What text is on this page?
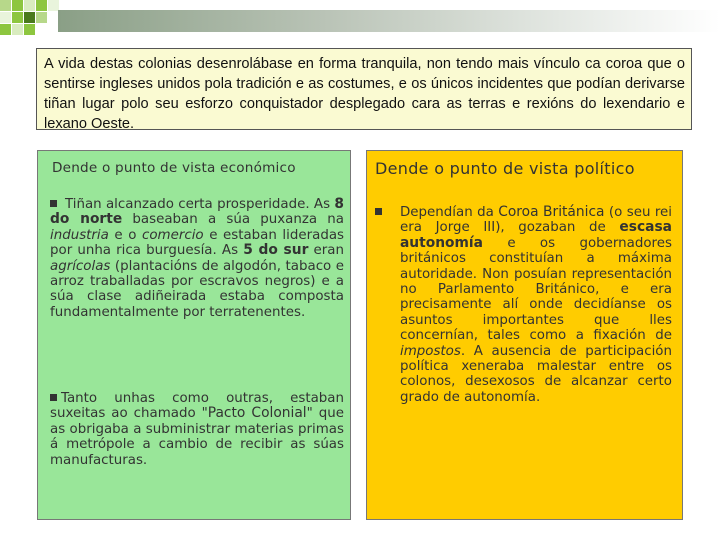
A vida destas colonias desenrolábase en forma tranquila, non tendo mais vínculo ca coroa que o sentirse ingleses unidos pola tradición e as costumes, e os únicos incidentes que podían derivarse tiñan lugar polo seu esforzo conquistador desplegado cara as terras e rexións do lexendario e lexano Oeste.
Dende o punto de vista económico
Tiñan alcanzado certa prosperidade. As 8 do norte baseaban a súa puxanza na industria e o comercio e estaban lideradas por unha rica burguesía. As 5 do sur eran agrícolas (plantacións de algodón, tabaco e arroz traballadas por escravos negros) e a súa clase adiñeirada estaba composta fundamentalmente por terratenentes.
Tanto unhas como outras, estaban suxeitas ao chamado "Pacto Colonial" que as obrigaba a subministrar materias primas á metrópole a cambio de recibir as súas manufacturas.
Dende o punto de vista político
Dependían da Coroa Británica (o seu rei era Jorge III), gozaban de escasa autonomía e os gobernadores británicos constituían a máxima autoridade. Non posuían representación no Parlamento Británico, e era precisamente alí onde decidíanse os asuntos importantes que lles concernían, tales como a fixación de impostos. A ausencia de participación política xeneraba malestar entre os colonos, desexosos de alcanzar certo grado de autonomía.
